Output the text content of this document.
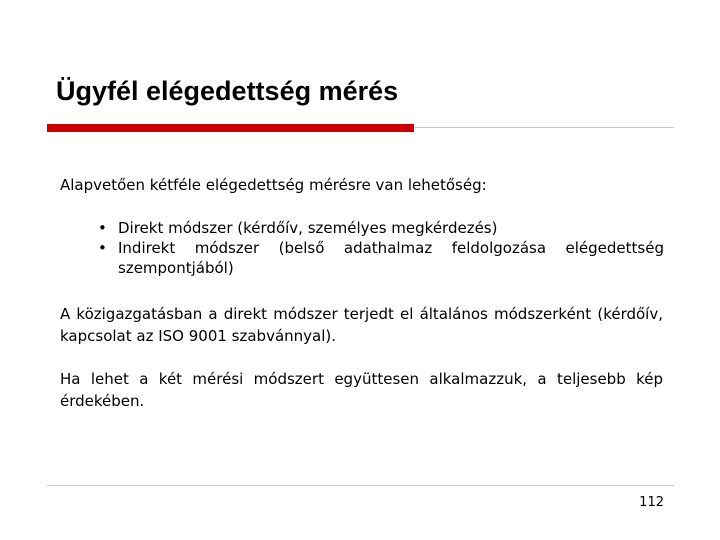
Ügyfél elégedettség mérés
Alapvetően kétféle elégedettség mérésre van lehetőség:
• Direkt módszer (kérdőív, személyes megkérdezés)
• Indirekt módszer (belső adathalmaz feldolgozása elégedettség szempontjából)
A közigazgatásban a direkt módszer terjedt el általános módszerként (kérdőív, kapcsolat az ISO 9001 szabvánnyal).
Ha lehet a két mérési módszert együttesen alkalmazzuk, a teljesebb kép érdekében.
112
